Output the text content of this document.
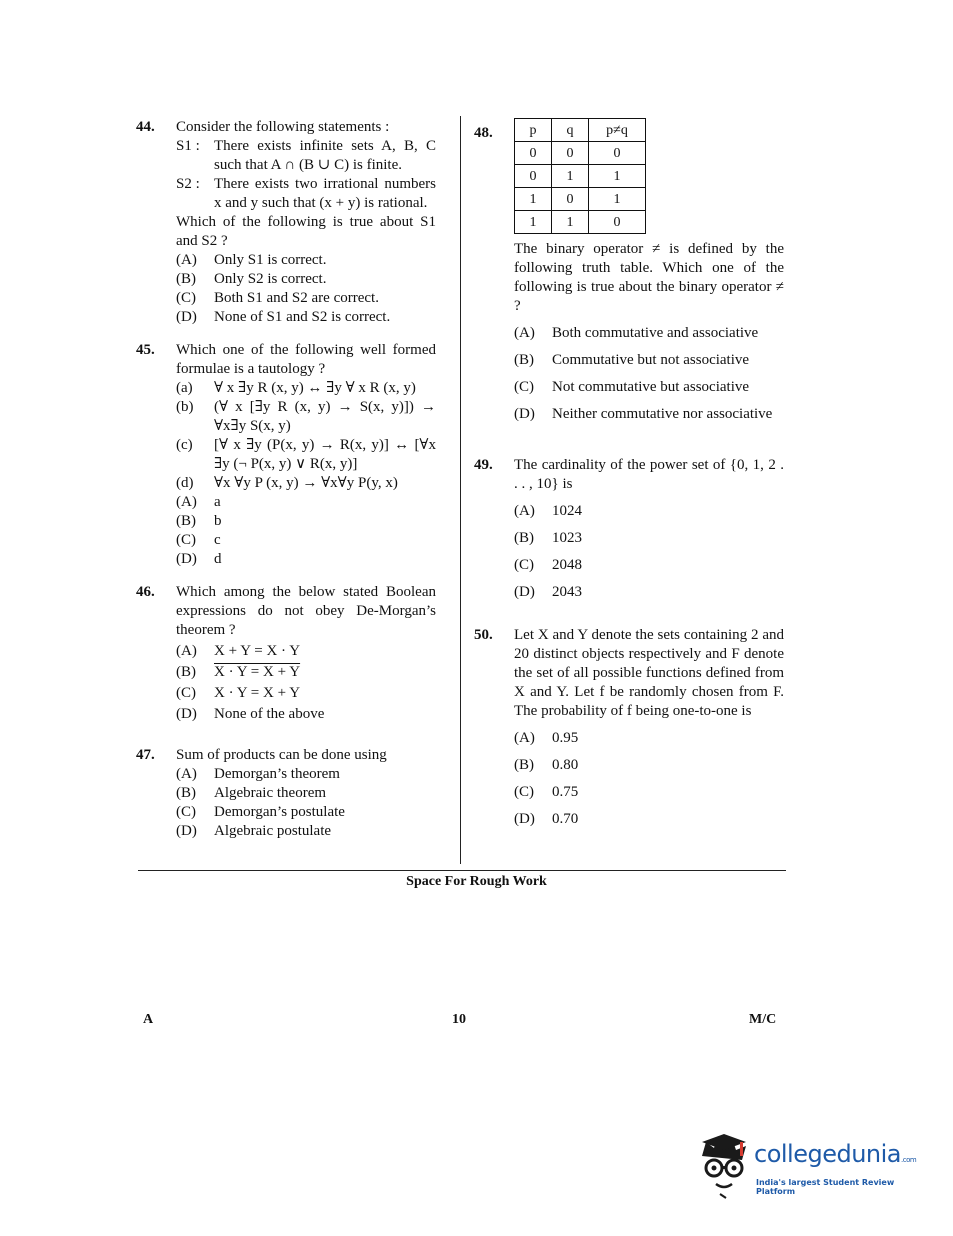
44. Consider the following statements :
S1 : There exists infinite sets A, B, C such that A ∩ (B ∪ C) is finite.
S2 : There exists two irrational numbers x and y such that (x + y) is rational.
Which of the following is true about S1 and S2 ?
(A) Only S1 is correct.
(B) Only S2 is correct.
(C) Both S1 and S2 are correct.
(D) None of S1 and S2 is correct.
45. Which one of the following well formed formulae is a tautology ?
(a) ∀ x ∃y R (x, y) ↔ ∃y ∀ x R (x, y)
(b) (∀ x [∃y R (x, y) → S(x, y)]) → ∀x∃y S(x, y)
(c) [∀ x ∃y (P(x, y) → R(x, y)] ↔ [∀x ∃y (¬ P(x, y) ∨ R(x, y)]
(d) ∀x ∀y P (x, y) → ∀x∀y P(y, x)
(A) a
(B) b
(C) c
(D) d
46. Which among the below stated Boolean expressions do not obey De-Morgan’s theorem ?
(A) X + Y = X · Y
(B) X · Y = X + Y
(C) X · Y = X + Y
(D) None of the above
47. Sum of products can be done using
(A) Demorgan’s theorem
(B) Algebraic theorem
(C) Demorgan’s postulate
(D) Algebraic postulate
48.	p	q	p≠q
0	0	0
0	1	1
1	0	1
1	1	0
The binary operator ≠ is defined by the following truth table. Which one of the following is true about the binary operator ≠ ?
(A) Both commutative and associative
(B) Commutative but not associative
(C) Not commutative but associative
(D) Neither commutative nor associative
49. The cardinality of the power set of {0, 1, 2 . . . , 10} is
(A) 1024
(B) 1023
(C) 2048
(D) 2043
50. Let X and Y denote the sets containing 2 and 20 distinct objects respectively and F denote the set of all possible functions defined from X and Y. Let f be randomly chosen from F. The probability of f being one-to-one is
(A) 0.95
(B) 0.80
(C) 0.75
(D) 0.70
Space For Rough Work
A	10	M/C
collegedunia.com
India's largest Student Review Platform
